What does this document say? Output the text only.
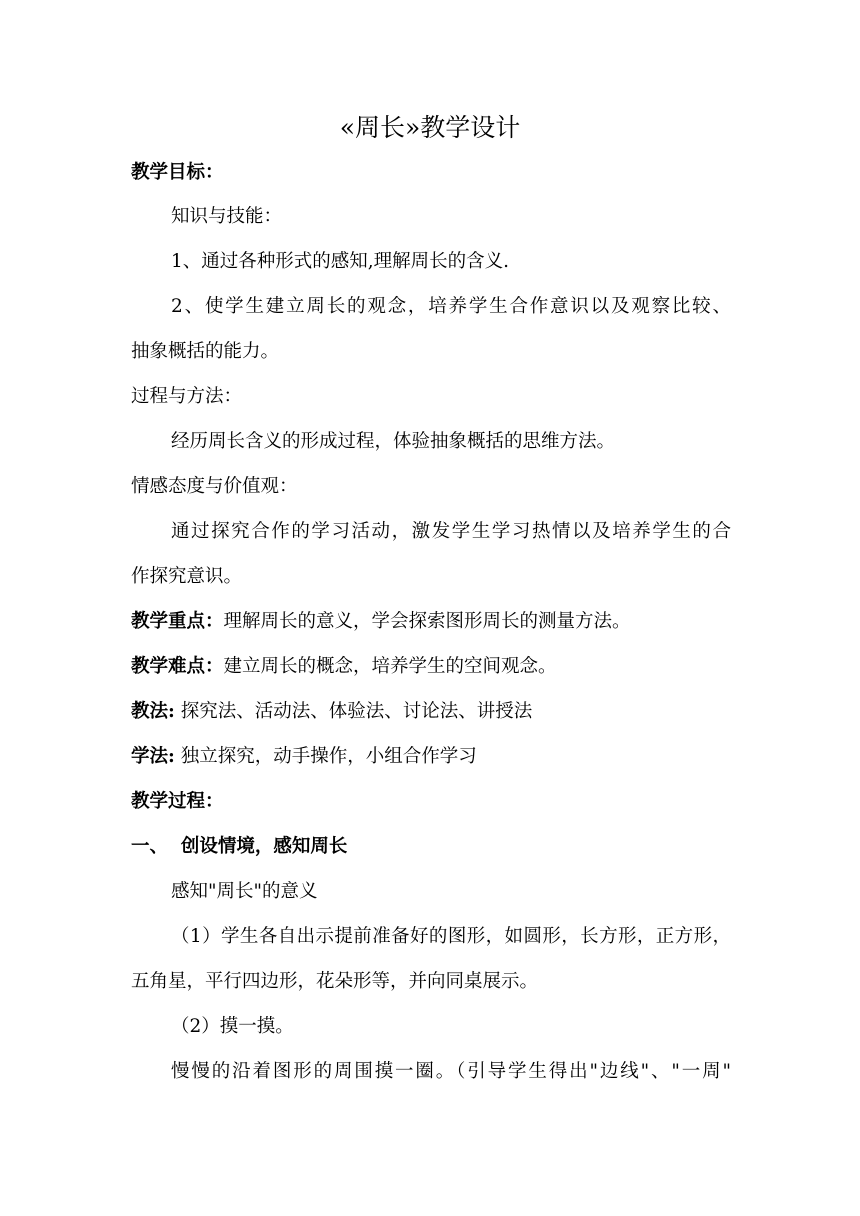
«周长»教学设计
教学目标：
知识与技能：
1、通过各种形式的感知,理解周长的含义.
2、使学生建立周长的观念，培养学生合作意识以及观察比较、
抽象概括的能力。
过程与方法：
经历周长含义的形成过程，体验抽象概括的思维方法。
情感态度与价值观：
通过探究合作的学习活动，激发学生学习热情以及培养学生的合
作探究意识。
教学重点：理解周长的意义，学会探索图形周长的测量方法。
教学难点：建立周长的概念，培养学生的空间观念。
教法: 探究法、活动法、体验法、讨论法、讲授法
学法: 独立探究，动手操作，小组合作学习
教学过程：
一、  创设情境，感知周长
感知"周长"的意义
（1）学生各自出示提前准备好的图形，如圆形，长方形，正方形，
五角星，平行四边形，花朵形等，并向同桌展示。
（2）摸一摸。
慢慢的沿着图形的周围摸一圈。（引导学生得出"边线"、"一周"
